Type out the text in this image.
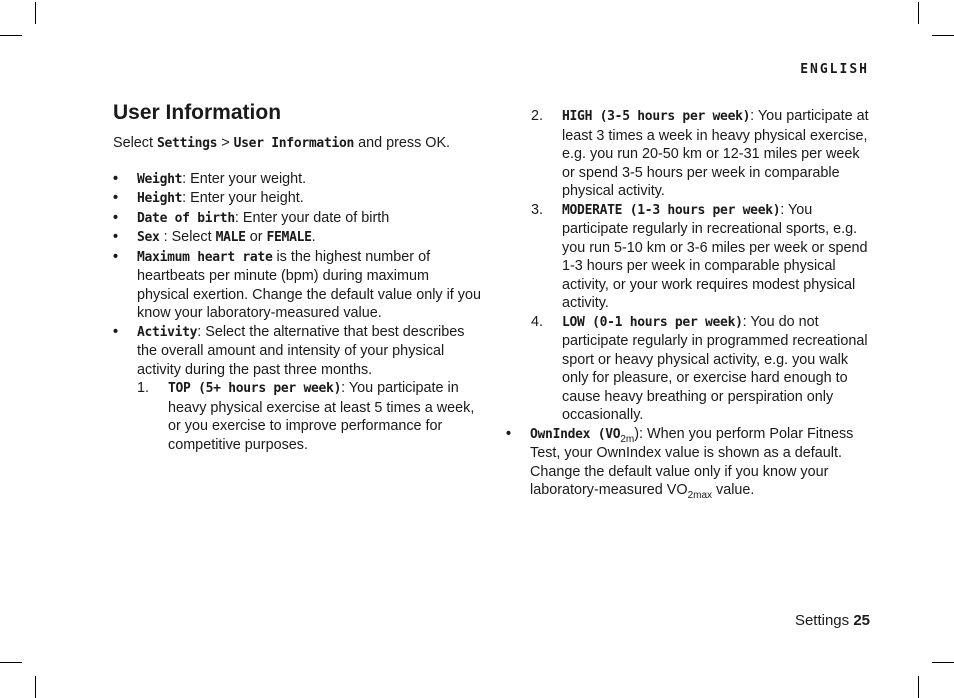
ENGLISH
User Information

Select Settings > User Information and press OK.

• Weight: Enter your weight.
• Height: Enter your height.
• Date of birth: Enter your date of birth
• Sex : Select MALE or FEMALE.
• Maximum heart rate is the highest number of heartbeats per minute (bpm) during maximum physical exertion. Change the default value only if you know your laboratory-measured value.
• Activity: Select the alternative that best describes the overall amount and intensity of your physical activity during the past three months.
1. TOP (5+ hours per week): You participate in heavy physical exercise at least 5 times a week, or you exercise to improve performance for competitive purposes.
2. HIGH (3-5 hours per week): You participate at least 3 times a week in heavy physical exercise, e.g. you run 20-50 km or 12-31 miles per week or spend 3-5 hours per week in comparable physical activity.
3. MODERATE (1-3 hours per week): You participate regularly in recreational sports, e.g. you run 5-10 km or 3-6 miles per week or spend 1-3 hours per week in comparable physical activity, or your work requires modest physical activity.
4. LOW (0-1 hours per week): You do not participate regularly in programmed recreational sport or heavy physical activity, e.g. you walk only for pleasure, or exercise hard enough to cause heavy breathing or perspiration only occasionally.
• OwnIndex $(VO_{2m})$: When you perform Polar Fitness Test, your OwnIndex value is shown as a default. Change the default value only if you know your laboratory-measured $VO_{2max}$ value.
Settings 25
